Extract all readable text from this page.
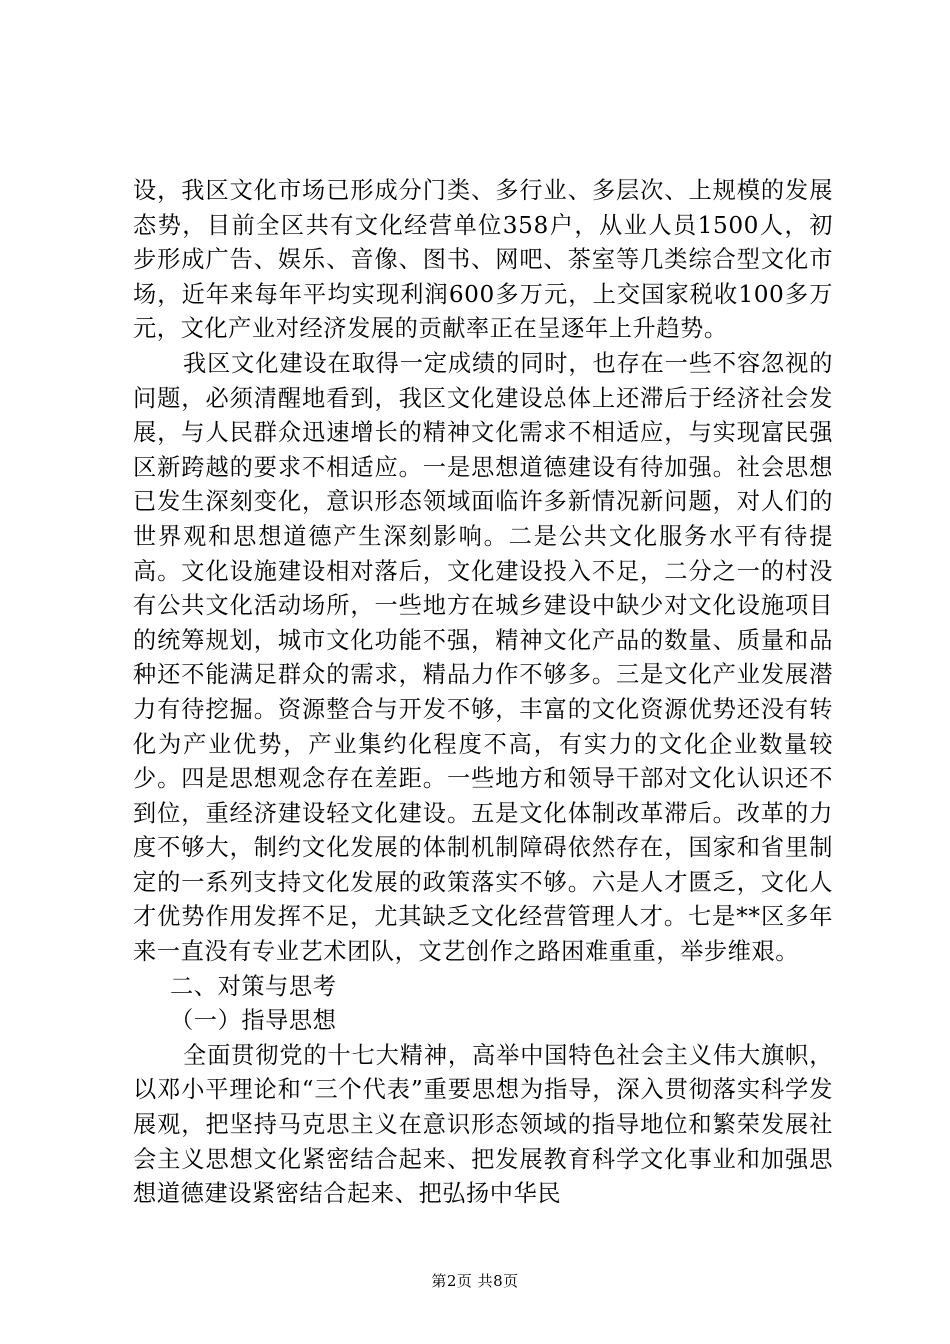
设，我区文化市场已形成分门类、多行业、多层次、上规模的发展态势，目前全区共有文化经营单位358户，从业人员1500人，初步形成广告、娱乐、音像、图书、网吧、茶室等几类综合型文化市场，近年来每年平均实现利润600多万元，上交国家税收100多万元，文化产业对经济发展的贡献率正在呈逐年上升趋势。

我区文化建设在取得一定成绩的同时，也存在一些不容忽视的问题，必须清醒地看到，我区文化建设总体上还滞后于经济社会发展，与人民群众迅速增长的精神文化需求不相适应，与实现富民强区新跨越的要求不相适应。一是思想道德建设有待加强。社会思想已发生深刻变化，意识形态领域面临许多新情况新问题，对人们的世界观和思想道德产生深刻影响。二是公共文化服务水平有待提高。文化设施建设相对落后，文化建设投入不足，二分之一的村没有公共文化活动场所，一些地方在城乡建设中缺少对文化设施项目的统筹规划，城市文化功能不强，精神文化产品的数量、质量和品种还不能满足群众的需求，精品力作不够多。三是文化产业发展潜力有待挖掘。资源整合与开发不够，丰富的文化资源优势还没有转化为产业优势，产业集约化程度不高，有实力的文化企业数量较少。四是思想观念存在差距。一些地方和领导干部对文化认识还不到位，重经济建设轻文化建设。五是文化体制改革滞后。改革的力度不够大，制约文化发展的体制机制障碍依然存在，国家和省里制定的一系列支持文化发展的政策落实不够。六是人才匮乏，文化人才优势作用发挥不足，尤其缺乏文化经营管理人才。七是**区多年来一直没有专业艺术团队，文艺创作之路困难重重，举步维艰。

二、对策与思考

（一）指导思想

全面贯彻党的十七大精神，高举中国特色社会主义伟大旗帜，以邓小平理论和“三个代表”重要思想为指导，深入贯彻落实科学发展观，把坚持马克思主义在意识形态领域的指导地位和繁荣发展社会主义思想文化紧密结合起来、把发展教育科学文化事业和加强思想道德建设紧密结合起来、把弘扬中华民

第2页 共8页
